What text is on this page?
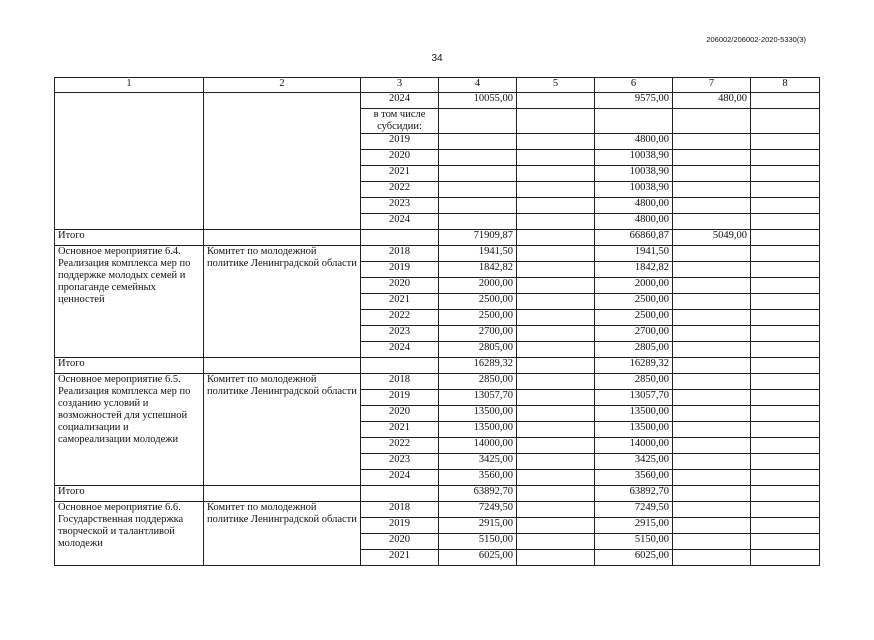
206002/206002-2020-5330(3)
34
1	2	3	4	5	6	7	8
		2024	10055,00		9575,00	480,00	
		в том числе субсидии:					
		2019			4800,00		
		2020			10038,90		
		2021			10038,90		
		2022			10038,90		
		2023			4800,00		
		2024			4800,00		
Итого			71909,87		66860,87	5049,00	
Основное мероприятие 6.4. Реализация комплекса мер по поддержке молодых семей и пропаганде семейных ценностей	Комитет по молодежной политике Ленинградской области	2018	1941,50		1941,50		
		2019	1842,82		1842,82		
		2020	2000,00		2000,00		
		2021	2500,00		2500,00		
		2022	2500,00		2500,00		
		2023	2700,00		2700,00		
		2024	2805,00		2805,00		
Итого			16289,32		16289,32		
Основное мероприятие 6.5. Реализация комплекса мер по созданию условий и возможностей для успешной социализации и самореализации молодежи	Комитет по молодежной политике Ленинградской области	2018	2850,00		2850,00		
		2019	13057,70		13057,70		
		2020	13500,00		13500,00		
		2021	13500,00		13500,00		
		2022	14000,00		14000,00		
		2023	3425,00		3425,00		
		2024	3560,00		3560,00		
Итого			63892,70		63892,70		
Основное мероприятие 6.6. Государственная поддержка творческой и талантливой молодежи	Комитет по молодежной политике Ленинградской области	2018	7249,50		7249,50		
		2019	2915,00		2915,00		
		2020	5150,00		5150,00		
		2021	6025,00		6025,00		
